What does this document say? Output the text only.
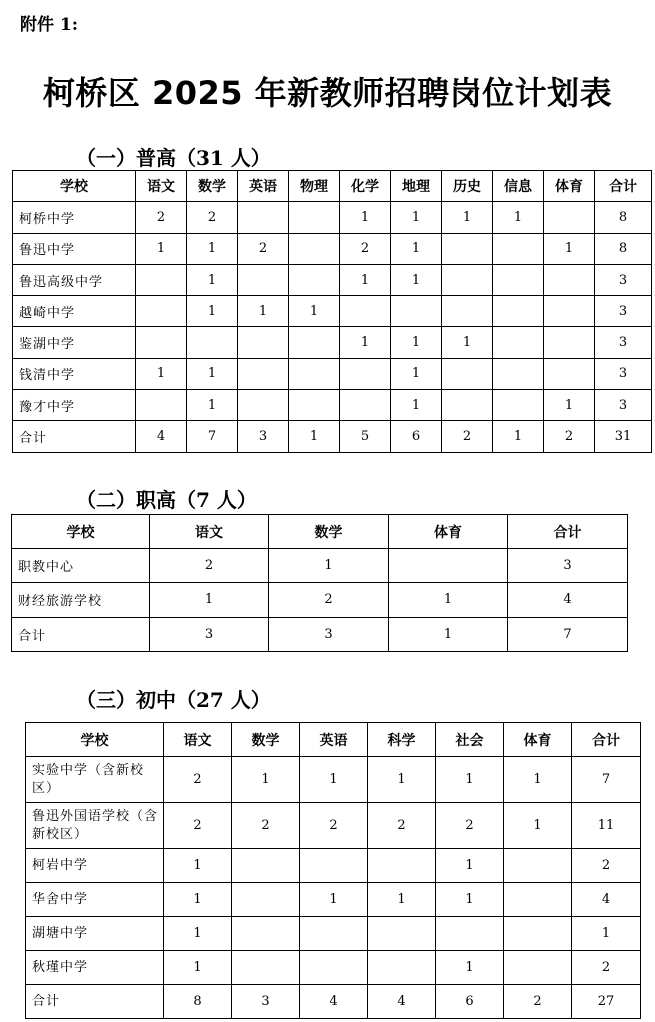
附件 1:
柯桥区 2025 年新教师招聘岗位计划表
（一）普高（31 人）
学校	语文	数学	英语	物理	化学	地理	历史	信息	体育	合计
柯桥中学	2	2			1	1	1	1		8
鲁迅中学	1	1	2		2	1			1	8
鲁迅高级中学		1			1	1				3
越崎中学		1	1	1						3
鉴湖中学					1	1	1			3
钱清中学	1	1				1				3
豫才中学		1				1			1	3
合计	4	7	3	1	5	6	2	1	2	31
（二）职高（7 人）
学校	语文	数学	体育	合计
职教中心	2	1		3
财经旅游学校	1	2	1	4
合计	3	3	1	7
（三）初中（27 人）
学校	语文	数学	英语	科学	社会	体育	合计
实验中学（含新校区）	2	1	1	1	1	1	7
鲁迅外国语学校（含新校区）	2	2	2	2	2	1	11
柯岩中学	1				1		2
华舍中学	1		1	1	1		4
湖塘中学	1						1
秋瑾中学	1				1		2
合计	8	3	4	4	6	2	27
